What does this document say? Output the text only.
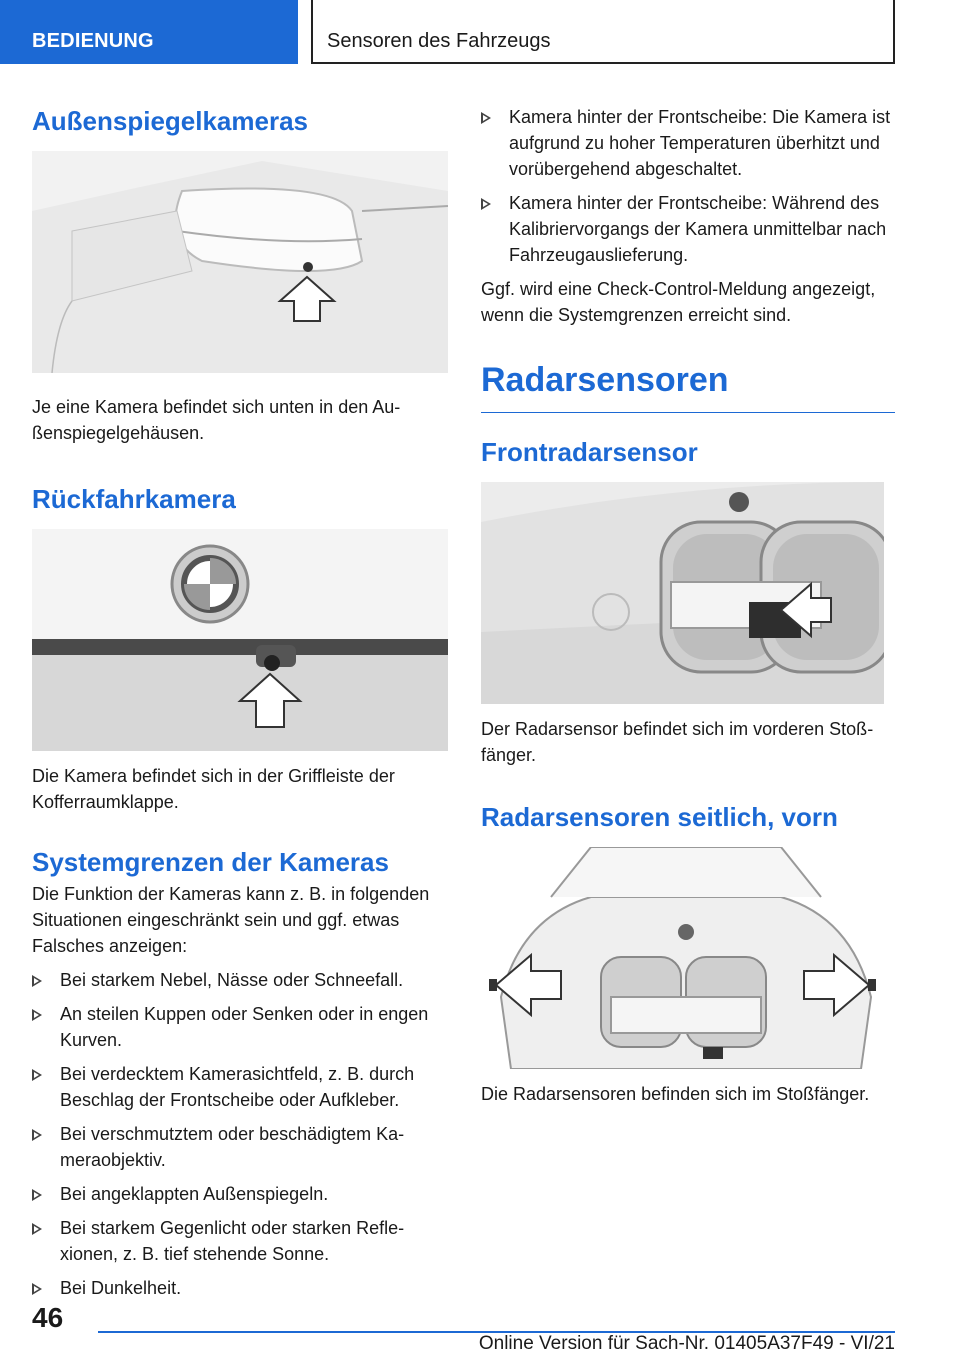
BEDIENUNG	Sensoren des Fahrzeugs
Außenspiegelkameras

Je eine Kamera befindet sich unten in den Außenspiegelgehäusen.

Rückfahrkamera

Die Kamera befindet sich in der Griffleiste der Kofferraumklappe.

Systemgrenzen der Kameras

Die Funktion der Kameras kann z. B. in folgenden Situationen eingeschränkt sein und ggf. etwas Falsches anzeigen:

Bei starkem Nebel, Nässe oder Schneefall.
An steilen Kuppen oder Senken oder in engen Kurven.
Bei verdecktem Kamerasichtfeld, z. B. durch Beschlag der Frontscheibe oder Aufkleber.
Bei verschmutztem oder beschädigtem Kameraobjektiv.
Bei angeklappten Außenspiegeln.
Bei starkem Gegenlicht oder starken Reflexionen, z. B. tief stehende Sonne.
Bei Dunkelheit.
Kamera hinter der Frontscheibe: Die Kamera ist aufgrund zu hoher Temperaturen überhitzt und vorübergehend abgeschaltet.
Kamera hinter der Frontscheibe: Während des Kalibriervorgangs der Kamera unmittelbar nach Fahrzeugauslieferung.

Ggf. wird eine Check-Control-Meldung angezeigt, wenn die Systemgrenzen erreicht sind.

Radarsensoren
Frontradarsensor

Der Radarsensor befindet sich im vorderen Stoßfänger.

Radarsensoren seitlich, vorn

Die Radarsensoren befinden sich im Stoßfänger.

46
Online Version für Sach-Nr. 01405A37F49 - VI/21
